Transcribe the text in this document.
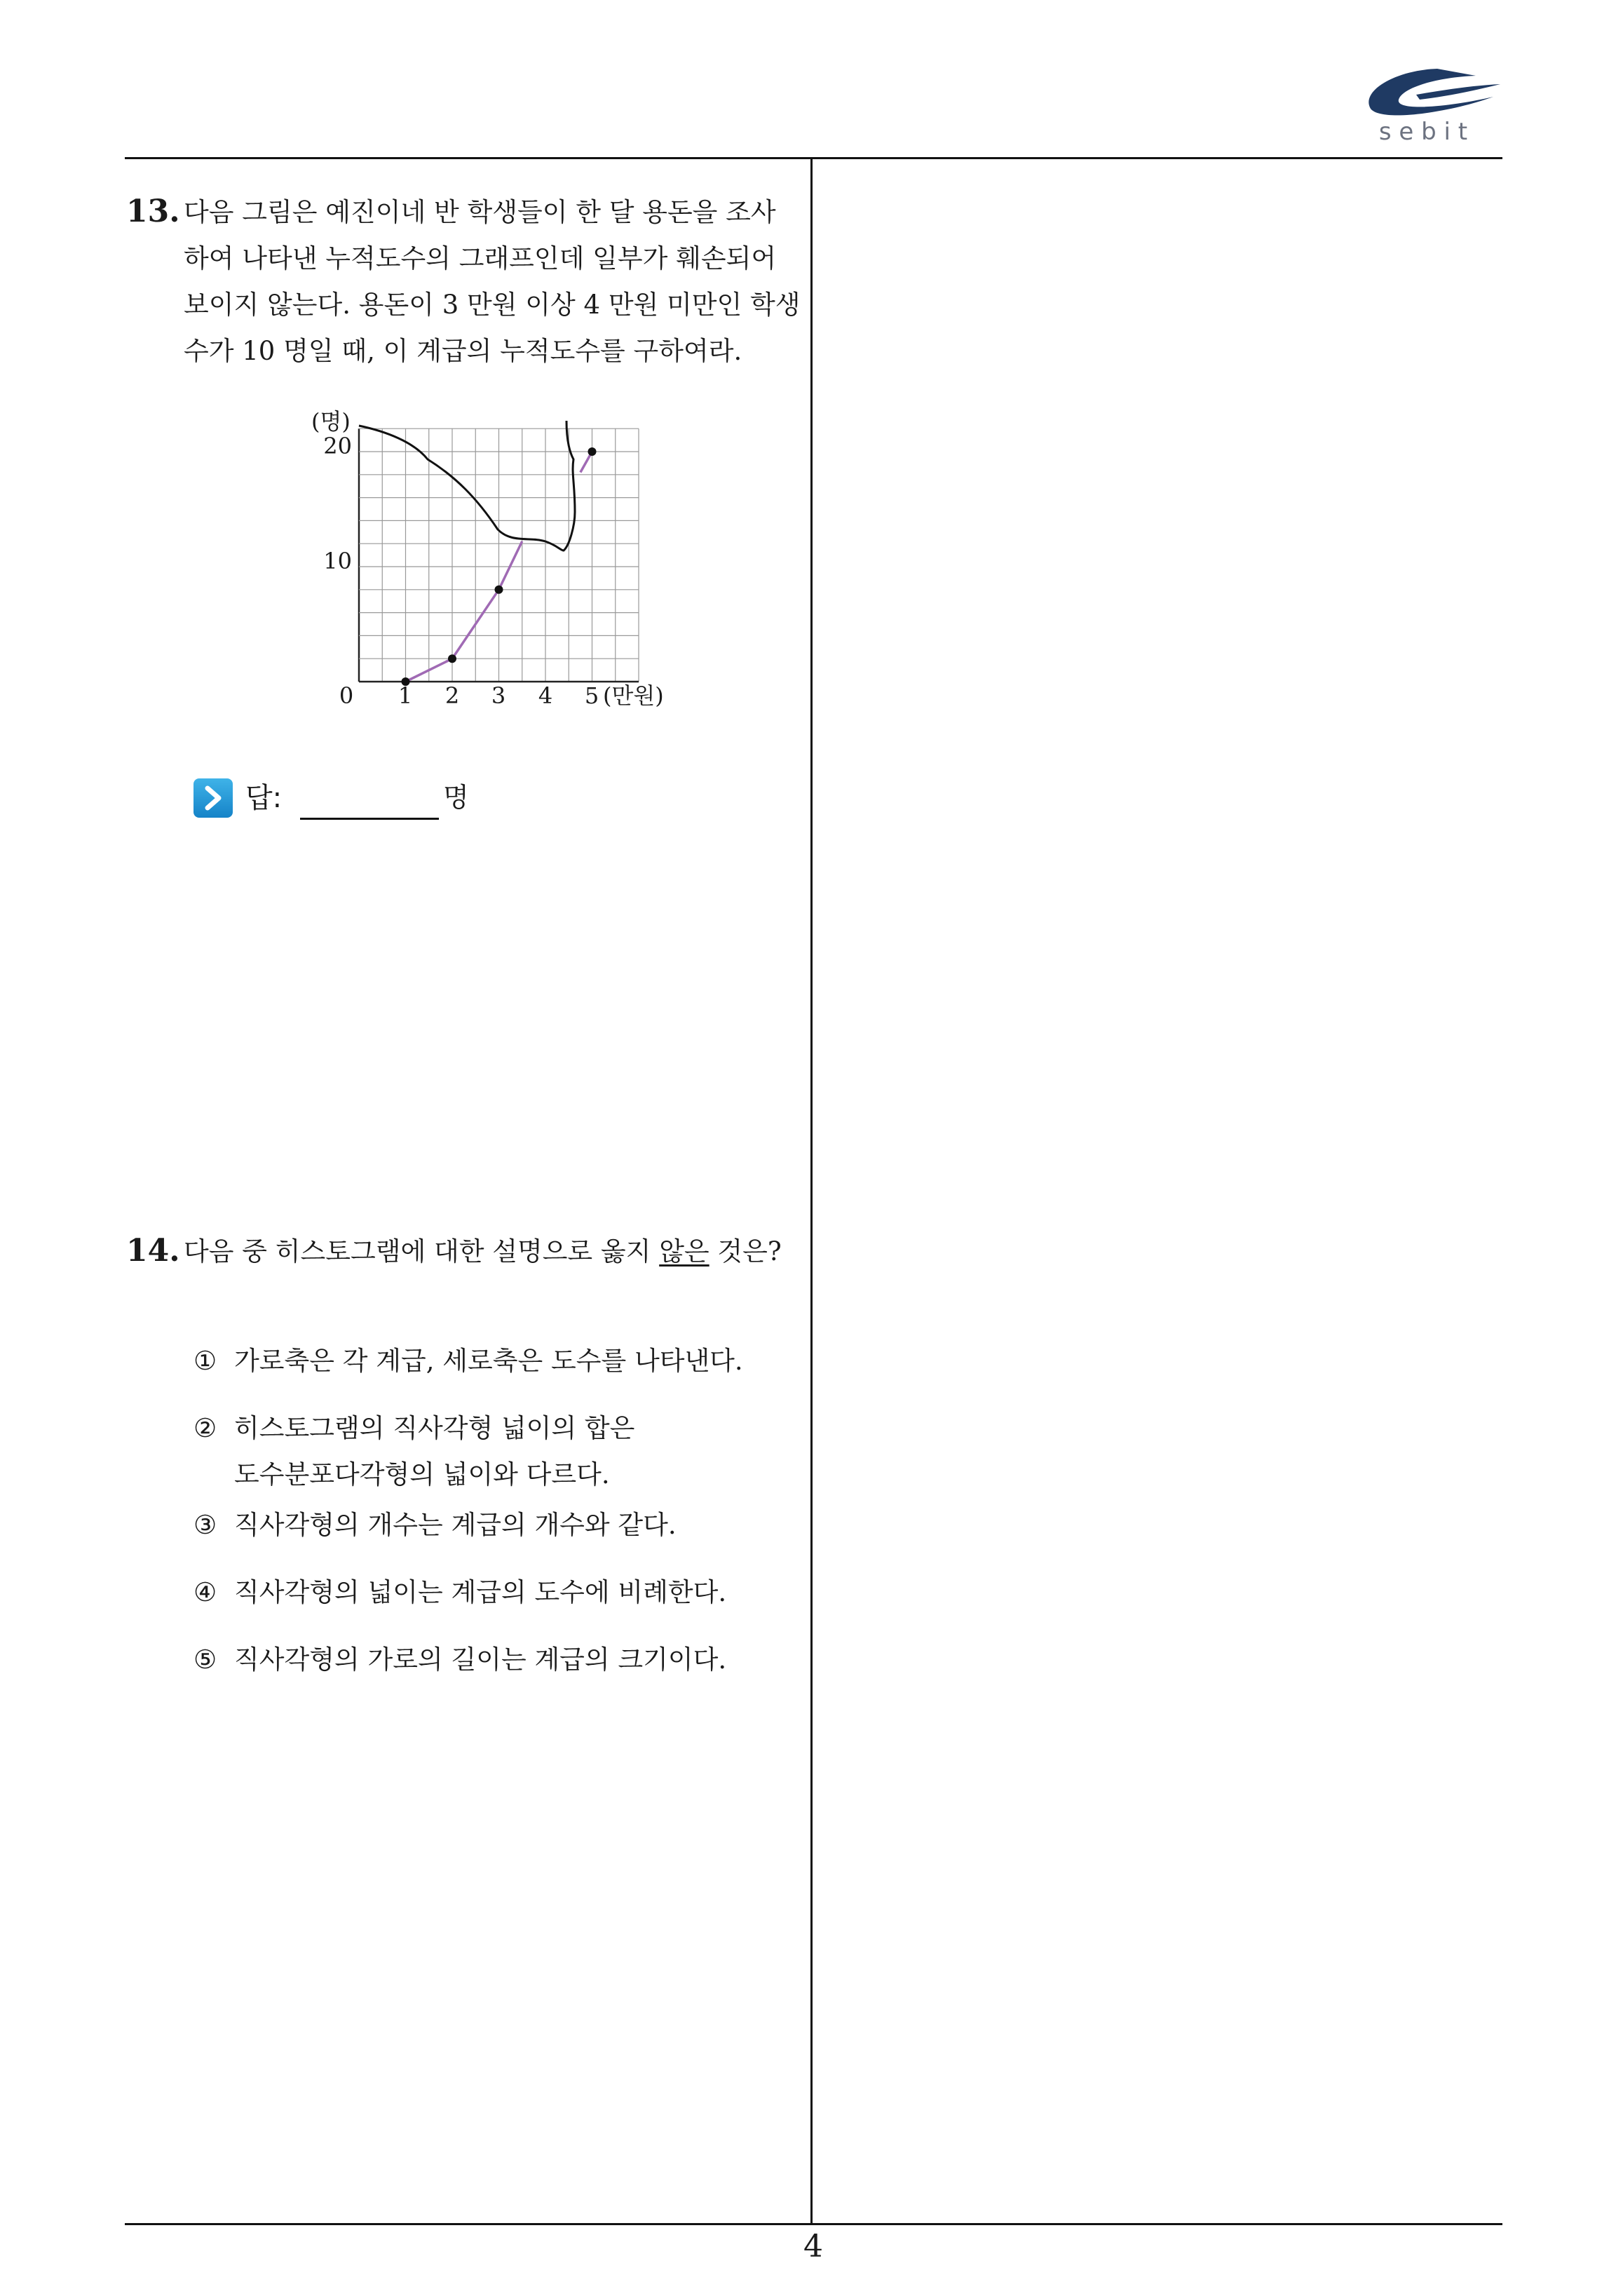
s e b i t
13. 다음 그림은 예진이네 반 학생들이 한 달 용돈을 조사
하여 나타낸 누적도수의 그래프인데 일부가 훼손되어
보이지 않는다. 용돈이 3 만원 이상 4 만원 미만인 학생
수가 10 명일 때, 이 계급의 누적도수를 구하여라.
(명)
20
10
0 1 2 3 4 5 (만원)
답:	명
14. 다음 중 히스토그램에 대한 설명으로 옳지 않은 것은?
① 가로축은 각 계급, 세로축은 도수를 나타낸다.
② 히스토그램의 직사각형 넓이의 합은
도수분포다각형의 넓이와 다르다.
③ 직사각형의 개수는 계급의 개수와 같다.
④ 직사각형의 넓이는 계급의 도수에 비례한다.
⑤ 직사각형의 가로의 길이는 계급의 크기이다.
4
